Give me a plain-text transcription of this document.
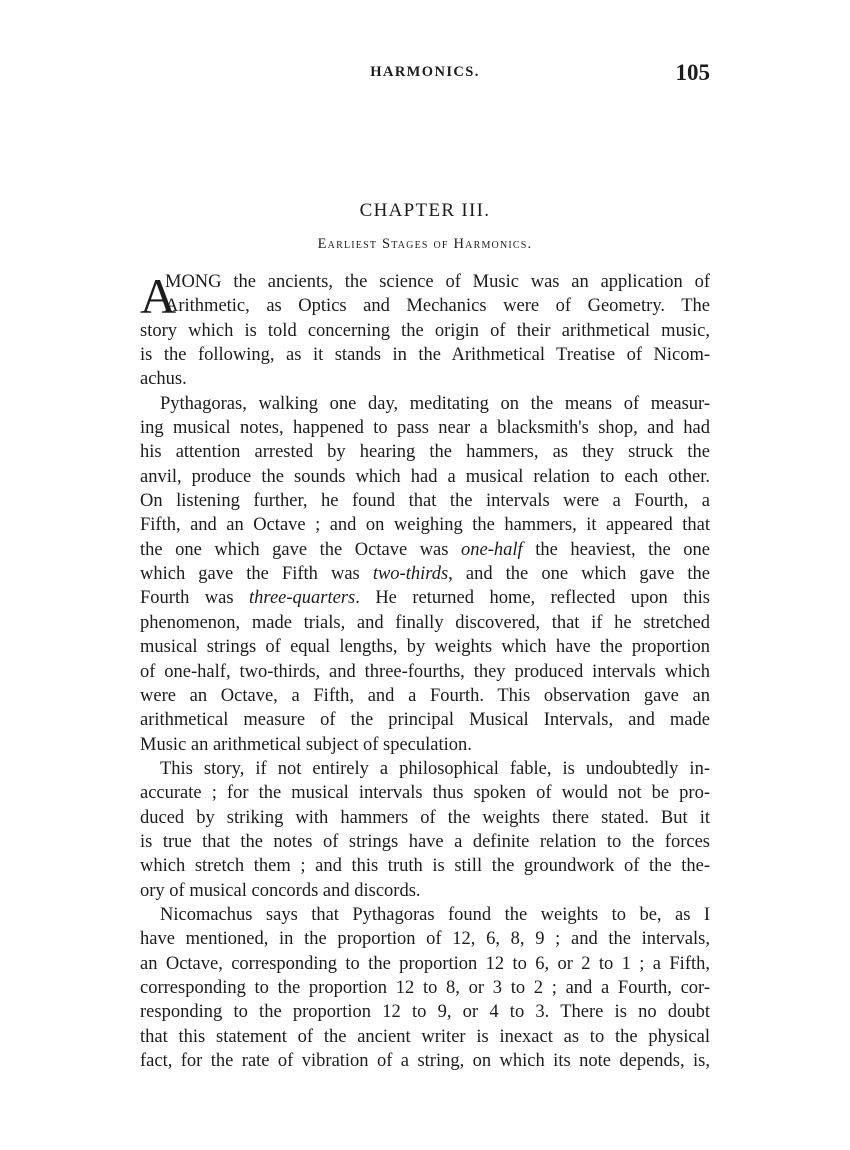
HARMONICS.	105
CHAPTER III.
Earliest Stages of Harmonics.
A
MONG the ancients, the science of Music was an application of
Arithmetic, as Optics and Mechanics were of Geometry. The
story which is told concerning the origin of their arithmetical music,
is the following, as it stands in the Arithmetical Treatise of Nicom-
achus.
Pythagoras, walking one day, meditating on the means of measur-
ing musical notes, happened to pass near a blacksmith's shop, and had
his attention arrested by hearing the hammers, as they struck the
anvil, produce the sounds which had a musical relation to each other.
On listening further, he found that the intervals were a Fourth, a
Fifth, and an Octave ; and on weighing the hammers, it appeared that
the one which gave the Octave was one-half the heaviest, the one
which gave the Fifth was two-thirds, and the one which gave the
Fourth was three-quarters. He returned home, reflected upon this
phenomenon, made trials, and finally discovered, that if he stretched
musical strings of equal lengths, by weights which have the proportion
of one-half, two-thirds, and three-fourths, they produced intervals which
were an Octave, a Fifth, and a Fourth. This observation gave an
arithmetical measure of the principal Musical Intervals, and made
Music an arithmetical subject of speculation.
This story, if not entirely a philosophical fable, is undoubtedly in-
accurate ; for the musical intervals thus spoken of would not be pro-
duced by striking with hammers of the weights there stated. But it
is true that the notes of strings have a definite relation to the forces
which stretch them ; and this truth is still the groundwork of the the-
ory of musical concords and discords.
Nicomachus says that Pythagoras found the weights to be, as I
have mentioned, in the proportion of 12, 6, 8, 9 ; and the intervals,
an Octave, corresponding to the proportion 12 to 6, or 2 to 1 ; a Fifth,
corresponding to the proportion 12 to 8, or 3 to 2 ; and a Fourth, cor-
responding to the proportion 12 to 9, or 4 to 3. There is no doubt
that this statement of the ancient writer is inexact as to the physical
fact, for the rate of vibration of a string, on which its note depends, is,
